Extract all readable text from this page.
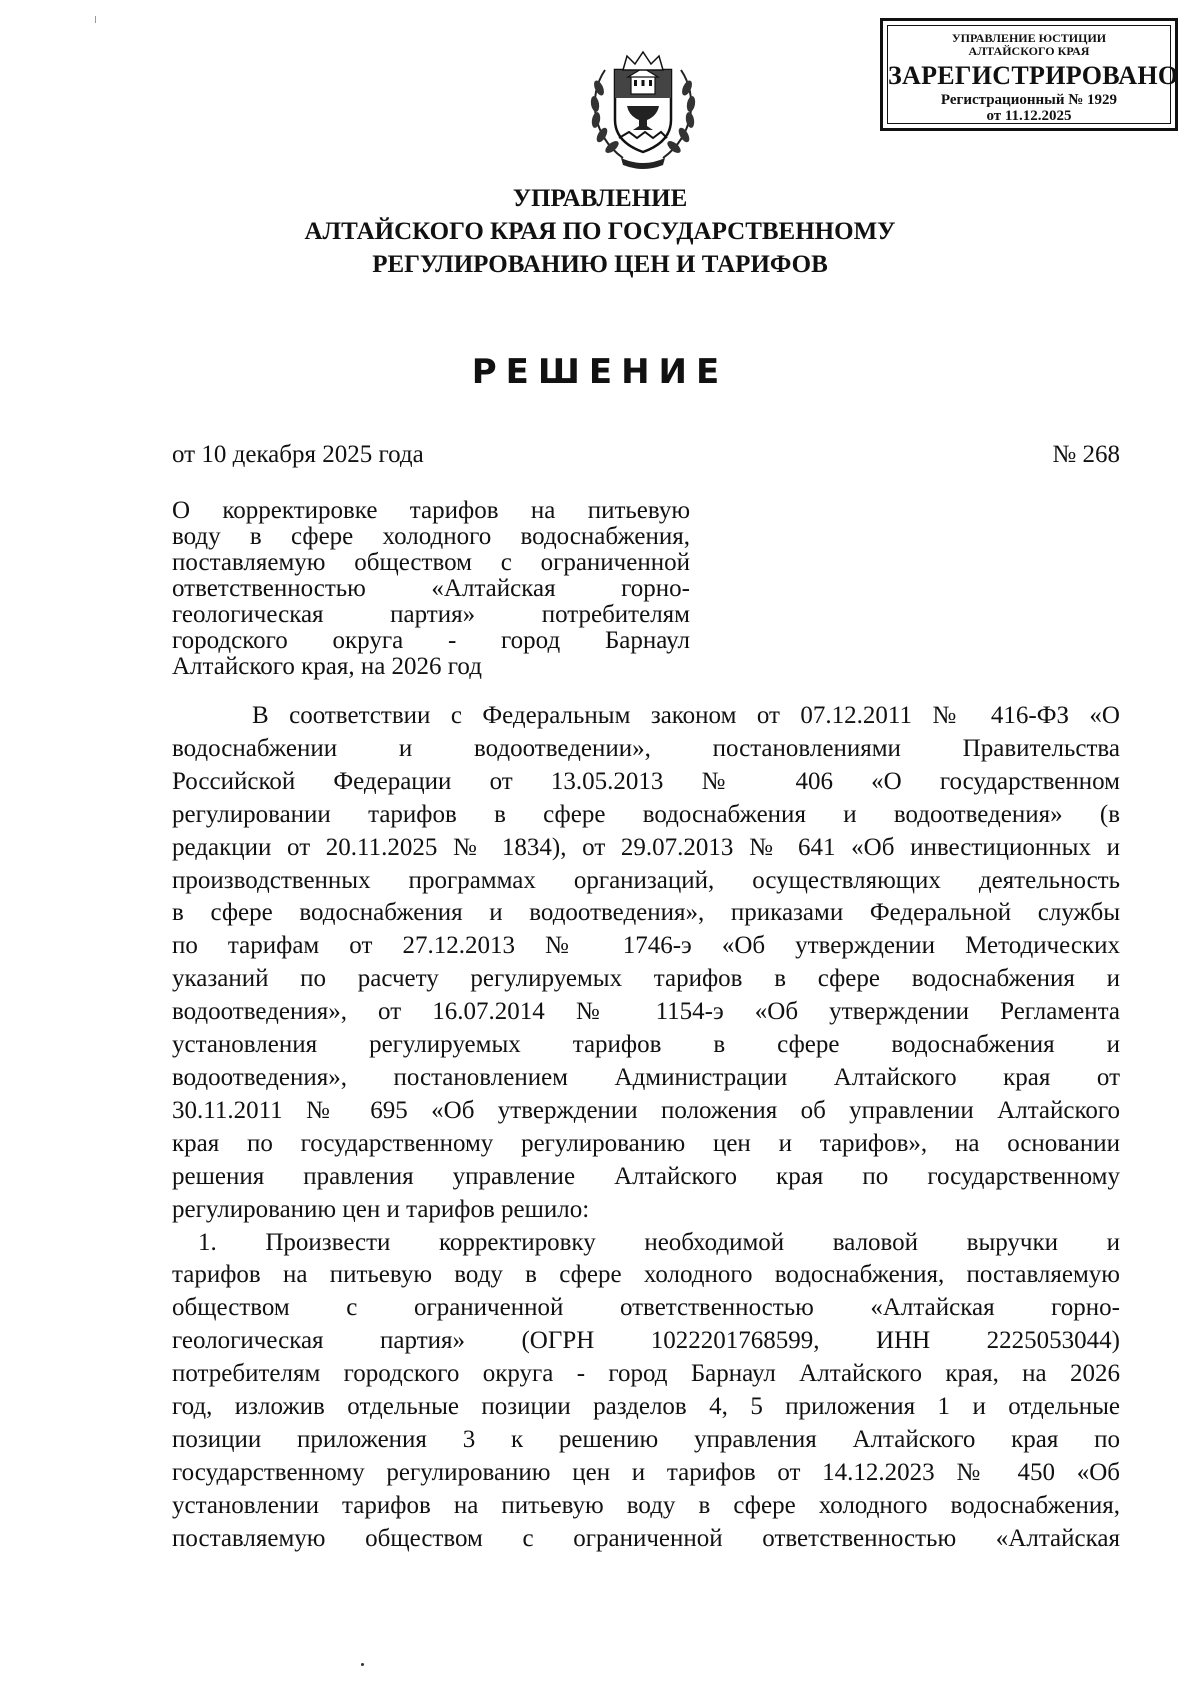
УПРАВЛЕНИЕ ЮСТИЦИИ
АЛТАЙСКОГО КРАЯ
ЗАРЕГИСТРИРОВАНО
Регистрационный № 1929
от 11.12.2025
УПРАВЛЕНИЕ
АЛТАЙСКОГО КРАЯ ПО ГОСУДАРСТВЕННОМУ
РЕГУЛИРОВАНИЮ ЦЕН И ТАРИФОВ
РЕШЕНИЕ
от 10 декабря 2025 года	№ 268
О корректировке тарифов на питьевую
воду в сфере холодного водоснабжения,
поставляемую обществом с ограниченной
ответственностью «Алтайская горно-
геологическая партия» потребителям
городского округа - город Барнаул
Алтайского края, на 2026 год
В соответствии с Федеральным законом от 07.12.2011 № 416-ФЗ «О
водоснабжении и водоотведении», постановлениями Правительства
Российской Федерации от 13.05.2013 № 406 «О государственном
регулировании тарифов в сфере водоснабжения и водоотведения» (в
редакции от 20.11.2025 № 1834), от 29.07.2013 № 641 «Об инвестиционных и
производственных программах организаций, осуществляющих деятельность
в сфере водоснабжения и водоотведения», приказами Федеральной службы
по тарифам от 27.12.2013 № 1746-э «Об утверждении Методических
указаний по расчету регулируемых тарифов в сфере водоснабжения и
водоотведения», от 16.07.2014 № 1154-э «Об утверждении Регламента
установления регулируемых тарифов в сфере водоснабжения и
водоотведения», постановлением Администрации Алтайского края от
30.11.2011 № 695 «Об утверждении положения об управлении Алтайского
края по государственному регулированию цен и тарифов», на основании
решения правления управление Алтайского края по государственному
регулированию цен и тарифов решило:
1. Произвести корректировку необходимой валовой выручки и
тарифов на питьевую воду в сфере холодного водоснабжения, поставляемую
обществом с ограниченной ответственностью «Алтайская горно-
геологическая партия» (ОГРН 1022201768599, ИНН 2225053044)
потребителям городского округа - город Барнаул Алтайского края, на 2026
год, изложив отдельные позиции разделов 4, 5 приложения 1 и отдельные
позиции приложения 3 к решению управления Алтайского края по
государственному регулированию цен и тарифов от 14.12.2023 № 450 «Об
установлении тарифов на питьевую воду в сфере холодного водоснабжения,
поставляемую обществом с ограниченной ответственностью «Алтайская
